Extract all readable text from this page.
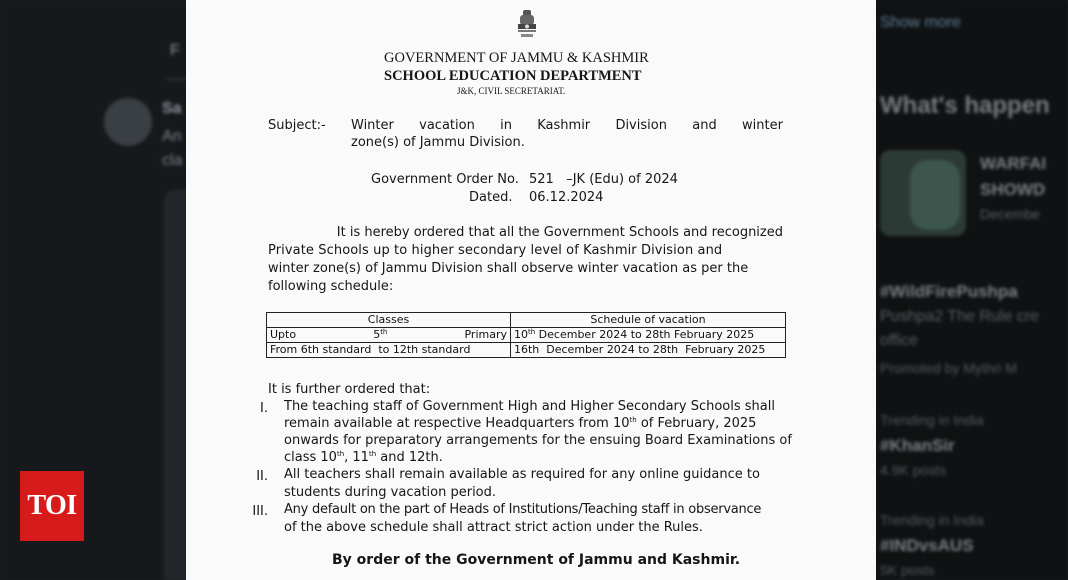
F
Sa
An
cla
Show more
What's happen
WARFAI
SHOWD
Decembe
#WildFirePushpa
Pushpa2 The Rule cre
office
Promoted by Mythri M
Trending in India
#KhanSir
4.9K posts
Trending in India
#INDvsAUS
5K posts
TOI
GOVERNMENT OF JAMMU & KASHMIR
SCHOOL EDUCATION DEPARTMENT
J&K, CIVIL SECRETARIAT.
Subject:- Winter vacation in Kashmir Division and winter
zone(s) of Jammu Division.
Government Order No. 521   –JK (Edu) of 2024
Dated. 06.12.2024
It is hereby ordered that all the Government Schools and recognized
Private Schools up to higher secondary level of Kashmir Division and
winter zone(s) of Jammu Division shall observe winter vacation as per the
following schedule:
Classes	Schedule of vacation

Upto 5th Primary	10th December 2024 to 28th February 2025
From 6th standard  to 12th standard	16th  December 2024 to 28th  February 2025
It is further ordered that:
I. The teaching staff of Government High and Higher Secondary Schools shall
remain available at respective Headquarters from 10th of February, 2025
onwards for preparatory arrangements for the ensuing Board Examinations of
class 10th, 11th and 12th.
II. All teachers shall remain available as required for any online guidance to
students during vacation period.
III. Any default on the part of Heads of Institutions/Teaching staff in observance
of the above schedule shall attract strict action under the Rules.
By order of the Government of Jammu and Kashmir.
